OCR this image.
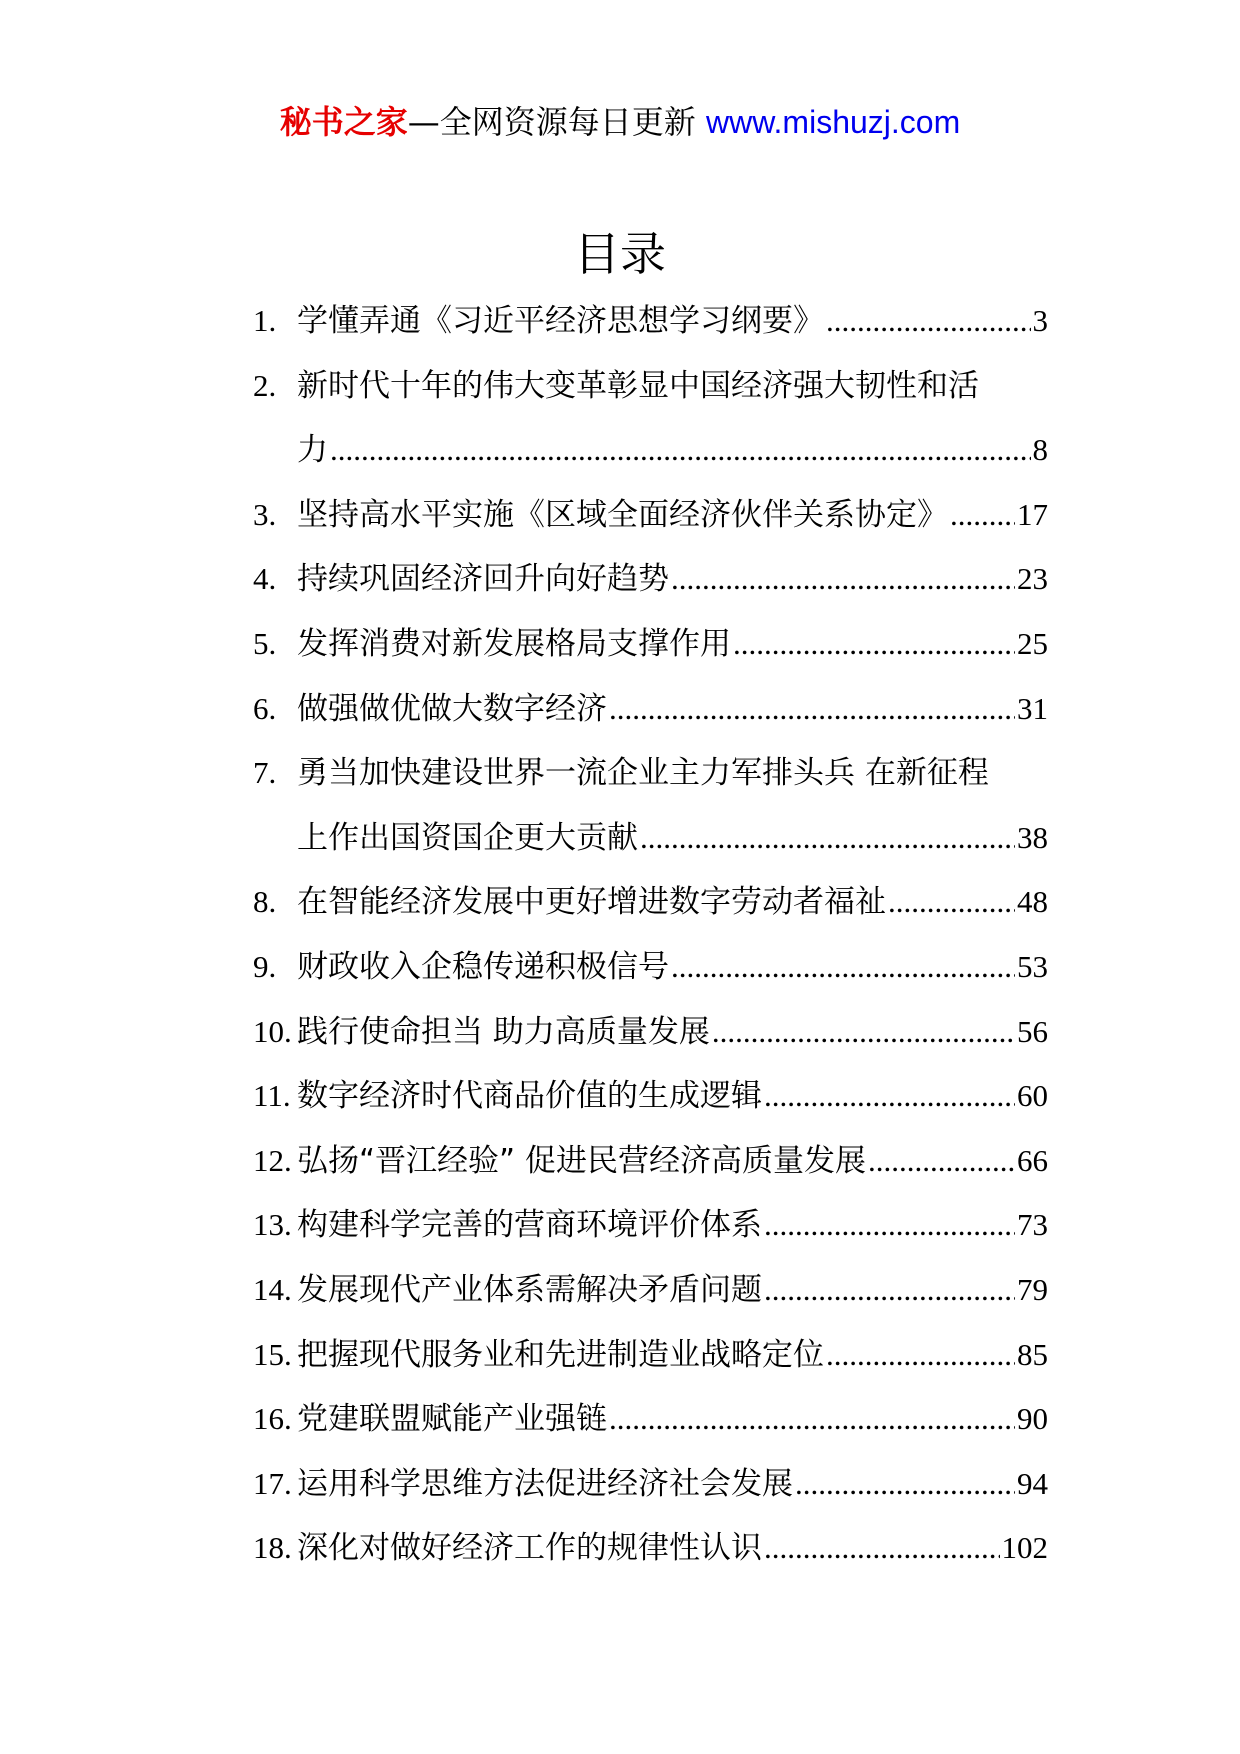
秘书之家—全网资源每日更新 www.mishuzj.com
目录
1. 学懂弄通《习近平经济思想学习纲要》 .....	3
2. 新时代十年的伟大变革彰显中国经济强大韧性和活
力 .....	8
3. 坚持高水平实施《区域全面经济伙伴关系协定》 ..... 17
4. 持续巩固经济回升向好趋势 .....	23
5. 发挥消费对新发展格局支撑作用 .....	25
6. 做强做优做大数字经济 .....	31
7. 勇当加快建设世界一流企业主力军排头兵 在新征程
上作出国资国企更大贡献 .....	38
8. 在智能经济发展中更好增进数字劳动者福祉 .....	48
9. 财政收入企稳传递积极信号 .....	53
10. 践行使命担当 助力高质量发展 .....	56
11. 数字经济时代商品价值的生成逻辑 .....	60
12. 弘扬“晋江经验” 促进民营经济高质量发展 .....	66
13. 构建科学完善的营商环境评价体系 .....	73
14. 发展现代产业体系需解决矛盾问题 .....	79
15. 把握现代服务业和先进制造业战略定位 .....	85
16. 党建联盟赋能产业强链 .....	90
17. 运用科学思维方法促进经济社会发展 .....	94
18. 深化对做好经济工作的规律性认识 .....	102
